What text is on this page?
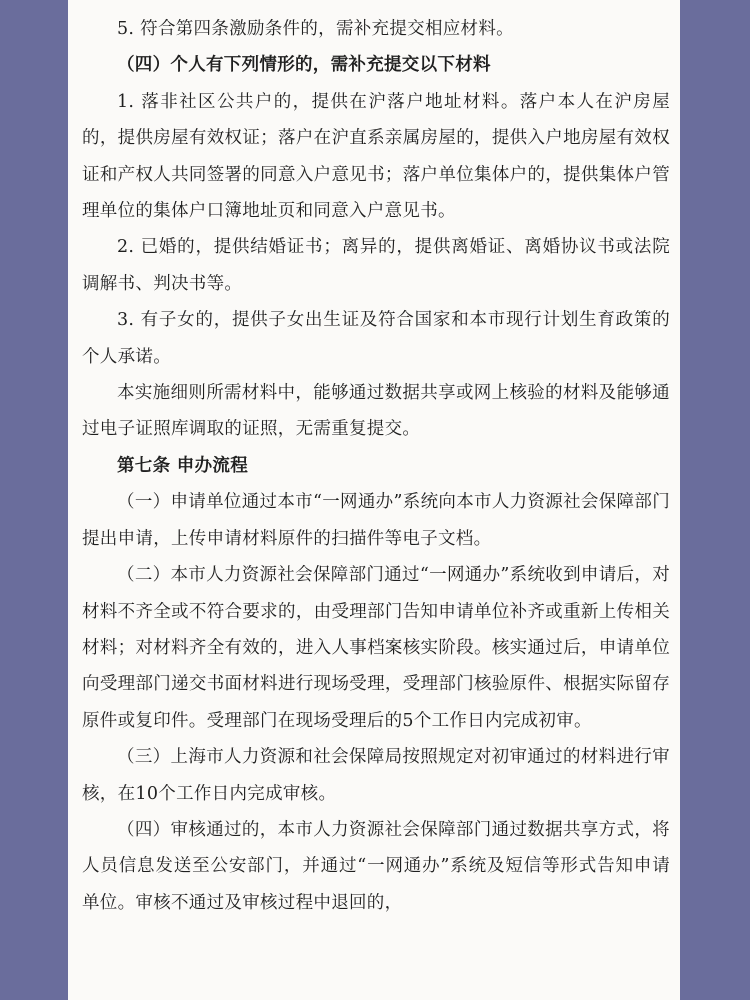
5. 符合第四条激励条件的，需补充提交相应材料。

（四）个人有下列情形的，需补充提交以下材料

1. 落非社区公共户的，提供在沪落户地址材料。落户本人在沪房屋的，提供房屋有效权证；落户在沪直系亲属房屋的，提供入户地房屋有效权证和产权人共同签署的同意入户意见书；落户单位集体户的，提供集体户管理单位的集体户口簿地址页和同意入户意见书。

2. 已婚的，提供结婚证书；离异的，提供离婚证、离婚协议书或法院调解书、判决书等。

3. 有子女的，提供子女出生证及符合国家和本市现行计划生育政策的个人承诺。

本实施细则所需材料中，能够通过数据共享或网上核验的材料及能够通过电子证照库调取的证照，无需重复提交。

第七条 申办流程

（一）申请单位通过本市“一网通办”系统向本市人力资源社会保障部门提出申请，上传申请材料原件的扫描件等电子文档。

（二）本市人力资源社会保障部门通过“一网通办”系统收到申请后，对材料不齐全或不符合要求的，由受理部门告知申请单位补齐或重新上传相关材料；对材料齐全有效的，进入人事档案核实阶段。核实通过后，申请单位向受理部门递交书面材料进行现场受理，受理部门核验原件、根据实际留存原件或复印件。受理部门在现场受理后的5个工作日内完成初审。

（三）上海市人力资源和社会保障局按照规定对初审通过的材料进行审核，在10个工作日内完成审核。

（四）审核通过的，本市人力资源社会保障部门通过数据共享方式，将人员信息发送至公安部门，并通过“一网通办”系统及短信等形式告知申请单位。审核不通过及审核过程中退回的，
